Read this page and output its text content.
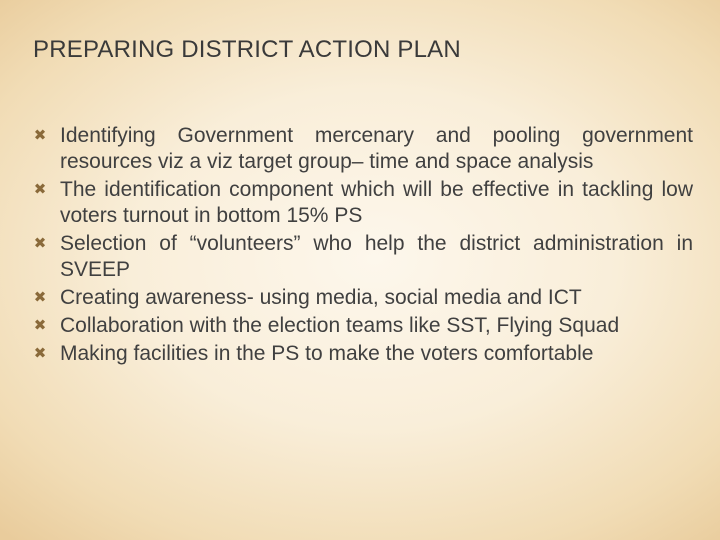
PREPARING DISTRICT ACTION PLAN
✖ Identifying Government mercenary and pooling government resources viz a viz target group– time and space analysis
✖ The identification component which will be effective in tackling low voters turnout in bottom 15% PS
✖ Selection of “volunteers” who help the district administration in SVEEP
✖ Creating awareness- using media, social media and ICT
✖ Collaboration with the election teams like SST, Flying Squad
✖ Making facilities in the PS to make the voters comfortable
